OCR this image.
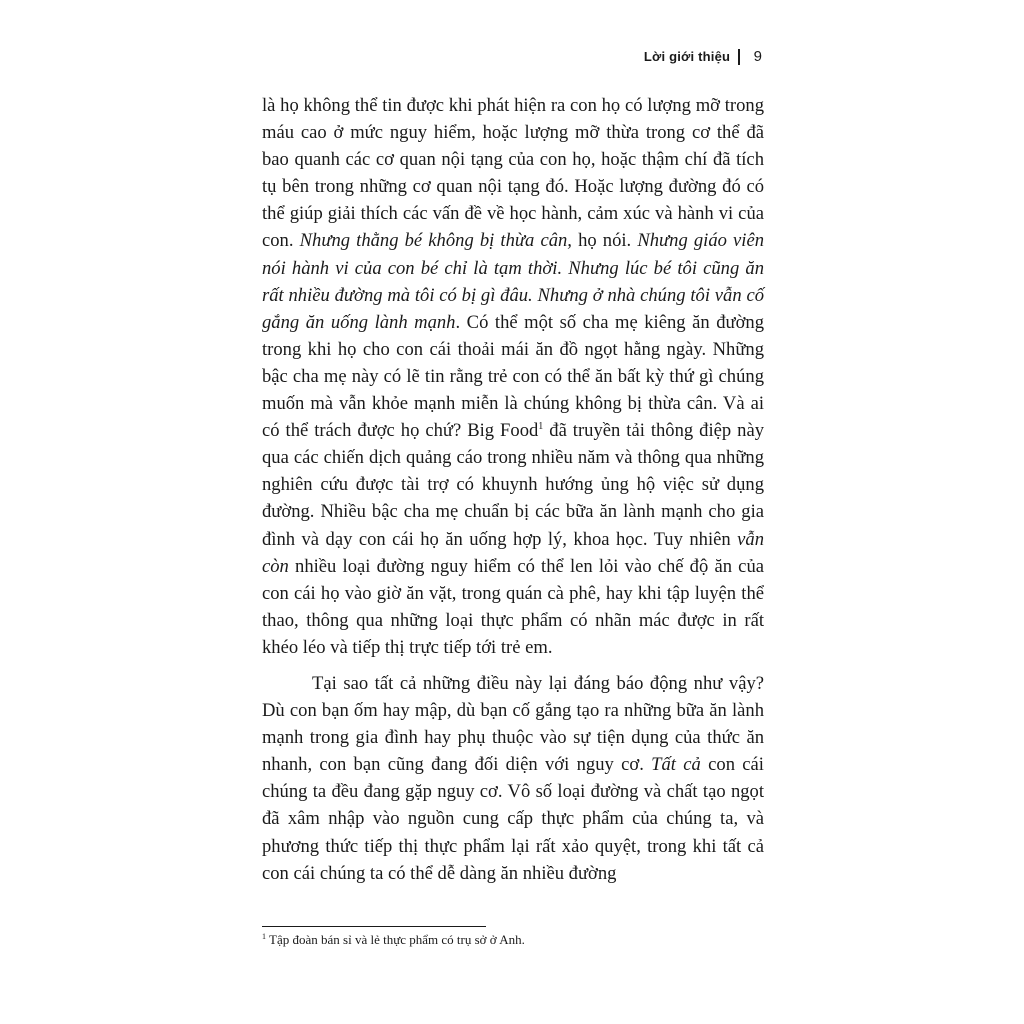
Lời giới thiệu 9

là họ không thể tin được khi phát hiện ra con họ có lượng mỡ trong máu cao ở mức nguy hiểm, hoặc lượng mỡ thừa trong cơ thể đã bao quanh các cơ quan nội tạng của con họ, hoặc thậm chí đã tích tụ bên trong những cơ quan nội tạng đó. Hoặc lượng đường đó có thể giúp giải thích các vấn đề về học hành, cảm xúc và hành vi của con. Nhưng thằng bé không bị thừa cân, họ nói. Nhưng giáo viên nói hành vi của con bé chỉ là tạm thời. Nhưng lúc bé tôi cũng ăn rất nhiều đường mà tôi có bị gì đâu. Nhưng ở nhà chúng tôi vẫn cố gắng ăn uống lành mạnh. Có thể một số cha mẹ kiêng ăn đường trong khi họ cho con cái thoải mái ăn đồ ngọt hằng ngày. Những bậc cha mẹ này có lẽ tin rằng trẻ con có thể ăn bất kỳ thứ gì chúng muốn mà vẫn khỏe mạnh miễn là chúng không bị thừa cân. Và ai có thể trách được họ chứ? Big Food$^1$ đã truyền tải thông điệp này qua các chiến dịch quảng cáo trong nhiều năm và thông qua những nghiên cứu được tài trợ có khuynh hướng ủng hộ việc sử dụng đường. Nhiều bậc cha mẹ chuẩn bị các bữa ăn lành mạnh cho gia đình và dạy con cái họ ăn uống hợp lý, khoa học. Tuy nhiên vẫn còn nhiều loại đường nguy hiểm có thể len lỏi vào chế độ ăn của con cái họ vào giờ ăn vặt, trong quán cà phê, hay khi tập luyện thể thao, thông qua những loại thực phẩm có nhãn mác được in rất khéo léo và tiếp thị trực tiếp tới trẻ em.

Tại sao tất cả những điều này lại đáng báo động như vậy? Dù con bạn ốm hay mập, dù bạn cố gắng tạo ra những bữa ăn lành mạnh trong gia đình hay phụ thuộc vào sự tiện dụng của thức ăn nhanh, con bạn cũng đang đối diện với nguy cơ. Tất cả con cái chúng ta đều đang gặp nguy cơ. Vô số loại đường và chất tạo ngọt đã xâm nhập vào nguồn cung cấp thực phẩm của chúng ta, và phương thức tiếp thị thực phẩm lại rất xảo quyệt, trong khi tất cả con cái chúng ta có thể dễ dàng ăn nhiều đường

$^1$ Tập đoàn bán sỉ và lẻ thực phẩm có trụ sở ở Anh.
